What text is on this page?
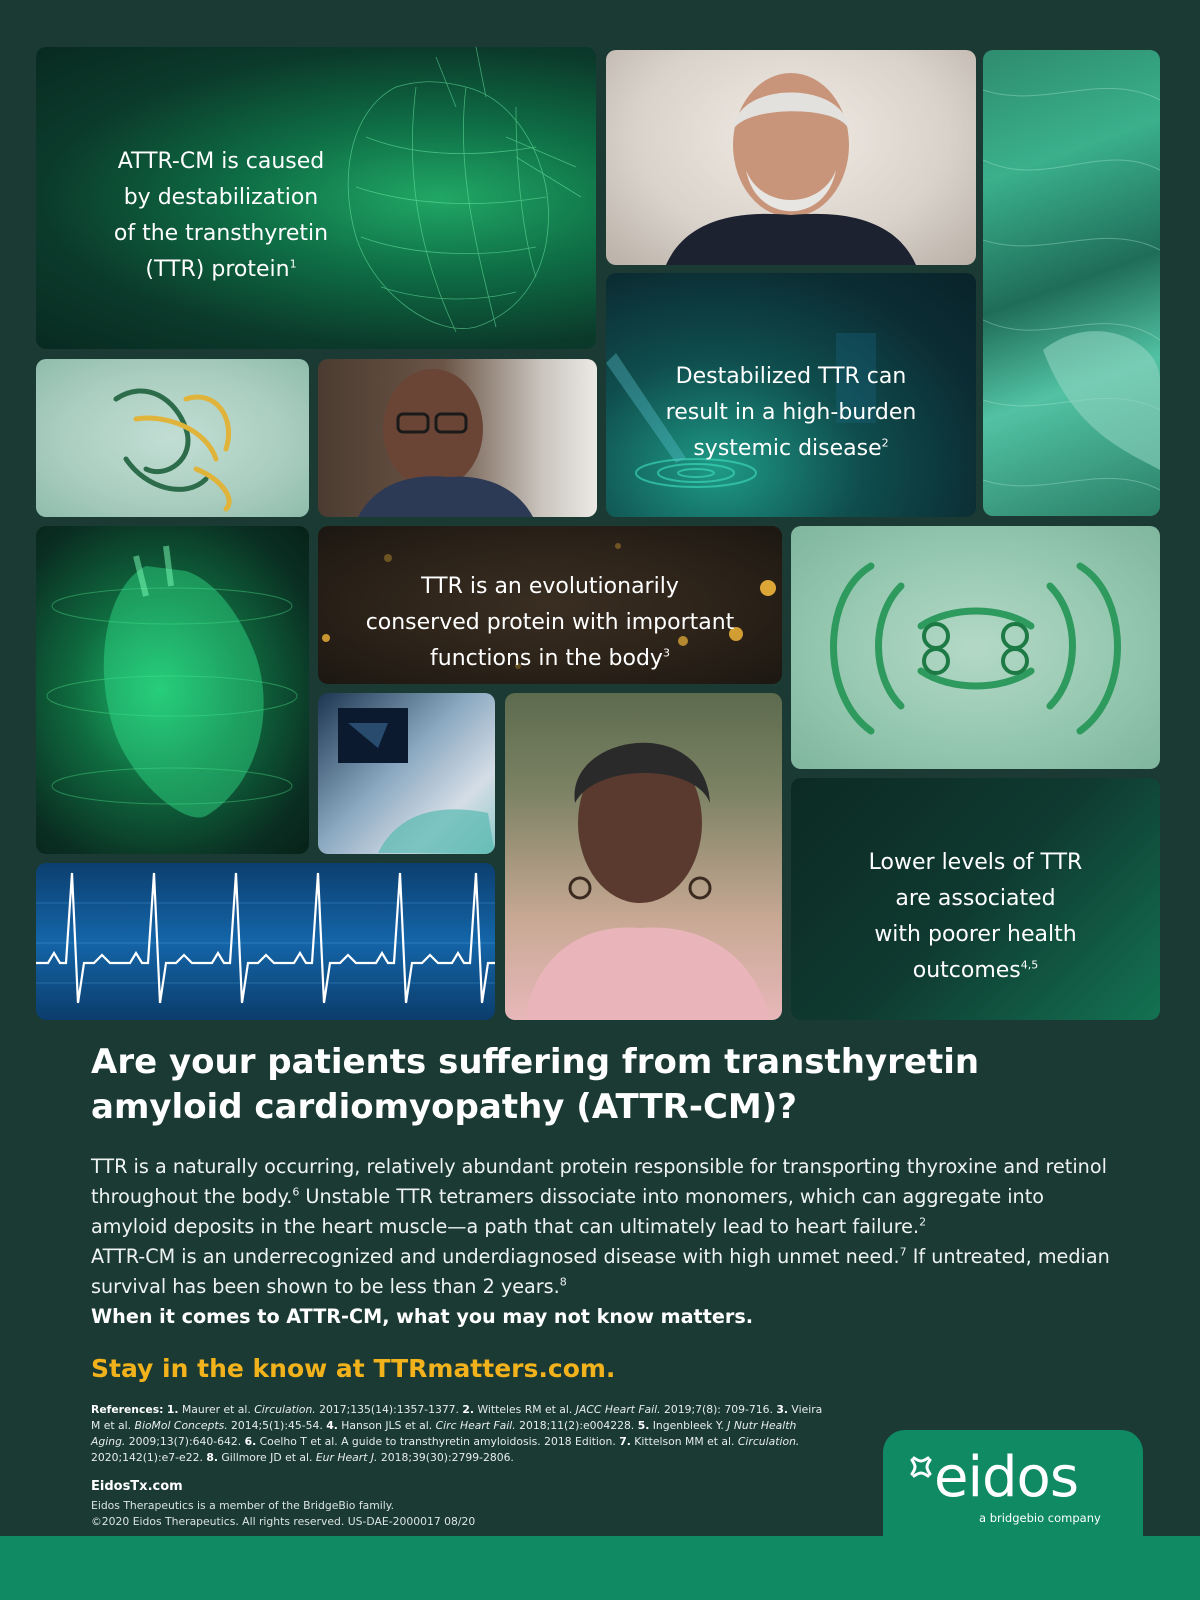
ATTR-CM is caused
by destabilization
of the transthyretin
(TTR) protein$^1$

Destabilized TTR can
result in a high-burden
systemic disease$^2$

TTR is an evolutionarily
conserved protein with important
functions in the body$^3$

Lower levels of TTR
are associated
with poorer health
outcomes$^{4,5}$

Are your patients suffering from transthyretin amyloid cardiomyopathy (ATTR-CM)?

TTR is a naturally occurring, relatively abundant protein responsible for transporting thyroxine and retinol throughout the body.$^6$ Unstable TTR tetramers dissociate into monomers, which can aggregate into amyloid deposits in the heart muscle—a path that can ultimately lead to heart failure.$^2$

ATTR-CM is an underrecognized and underdiagnosed disease with high unmet need.$^7$ If untreated, median survival has been shown to be less than 2 years.$^8$

When it comes to ATTR-CM, what you may not know matters.

Stay in the know at TTRmatters.com.
References: 1. Maurer et al. Circulation. 2017;135(14):1357-1377. 2. Witteles RM et al. JACC Heart Fail. 2019;7(8): 709-716. 3. Vieira M et al. BioMol Concepts. 2014;5(1):45-54. 4. Hanson JLS et al. Circ Heart Fail. 2018;11(2):e004228. 5. Ingenbleek Y. J Nutr Health Aging. 2009;13(7):640-642. 6. Coelho T et al. A guide to transthyretin amyloidosis. 2018 Edition. 7. Kittelson MM et al. Circulation. 2020;142(1):e7-e22. 8. Gillmore JD et al. Eur Heart J. 2018;39(30):2799-2806.
EidosTx.com
Eidos Therapeutics is a member of the BridgeBio family.
©2020 Eidos Therapeutics. All rights reserved. US-DAE-2000017 08/20
eidos
a bridgebio company
